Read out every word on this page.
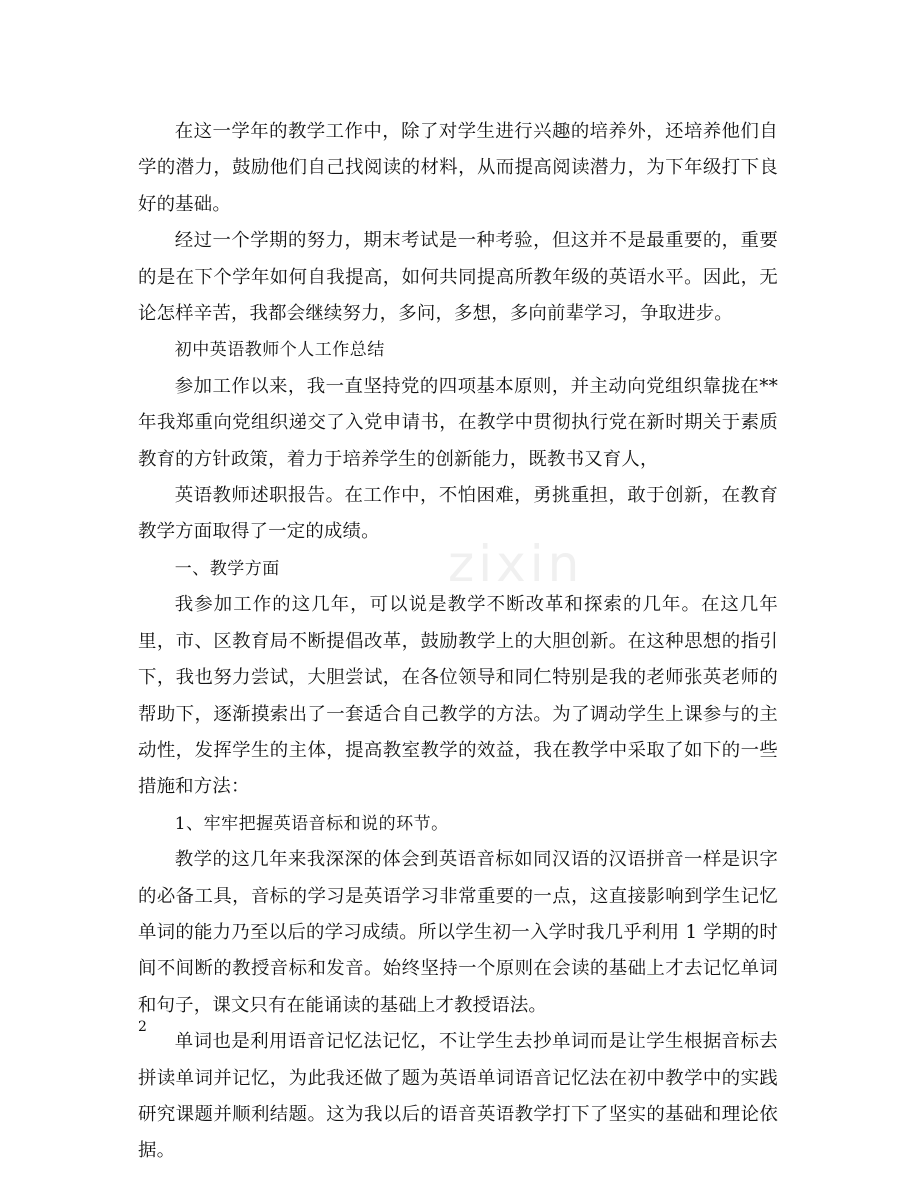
在这一学年的教学工作中，除了对学生进行兴趣的培养外，还培养他们自学的潜力，鼓励他们自己找阅读的材料，从而提高阅读潜力，为下年级打下良好的基础。

经过一个学期的努力，期末考试是一种考验，但这并不是最重要的，重要的是在下个学年如何自我提高，如何共同提高所教年级的英语水平。因此，无论怎样辛苦，我都会继续努力，多问，多想，多向前辈学习，争取进步。

初中英语教师个人工作总结

参加工作以来，我一直坚持党的四项基本原则，并主动向党组织靠拢在**年我郑重向党组织递交了入党申请书，在教学中贯彻执行党在新时期关于素质教育的方针政策，着力于培养学生的创新能力，既教书又育人，

英语教师述职报告。在工作中，不怕困难，勇挑重担，敢于创新，在教育教学方面取得了一定的成绩。

一、教学方面

我参加工作的这几年，可以说是教学不断改革和探索的几年。在这几年里，市、区教育局不断提倡改革，鼓励教学上的大胆创新。在这种思想的指引下，我也努力尝试，大胆尝试，在各位领导和同仁特别是我的老师张英老师的帮助下，逐渐摸索出了一套适合自己教学的方法。为了调动学生上课参与的主动性，发挥学生的主体，提高教室教学的效益，我在教学中采取了如下的一些措施和方法：

1、牢牢把握英语音标和说的环节。

教学的这几年来我深深的体会到英语音标如同汉语的汉语拼音一样是识字的必备工具，音标的学习是英语学习非常重要的一点，这直接影响到学生记忆单词的能力乃至以后的学习成绩。所以学生初一入学时我几乎利用 1 学期的时间不间断的教授音标和发音。始终坚持一个原则在会读的基础上才去记忆单词和句子，课文只有在能诵读的基础上才教授语法。

单词也是利用语音记忆法记忆，不让学生去抄单词而是让学生根据音标去拼读单词并记忆，为此我还做了题为英语单词语音记忆法在初中教学中的实践研究课题并顺利结题。这为我以后的语音英语教学打下了坚实的基础和理论依据。

zixin
2
